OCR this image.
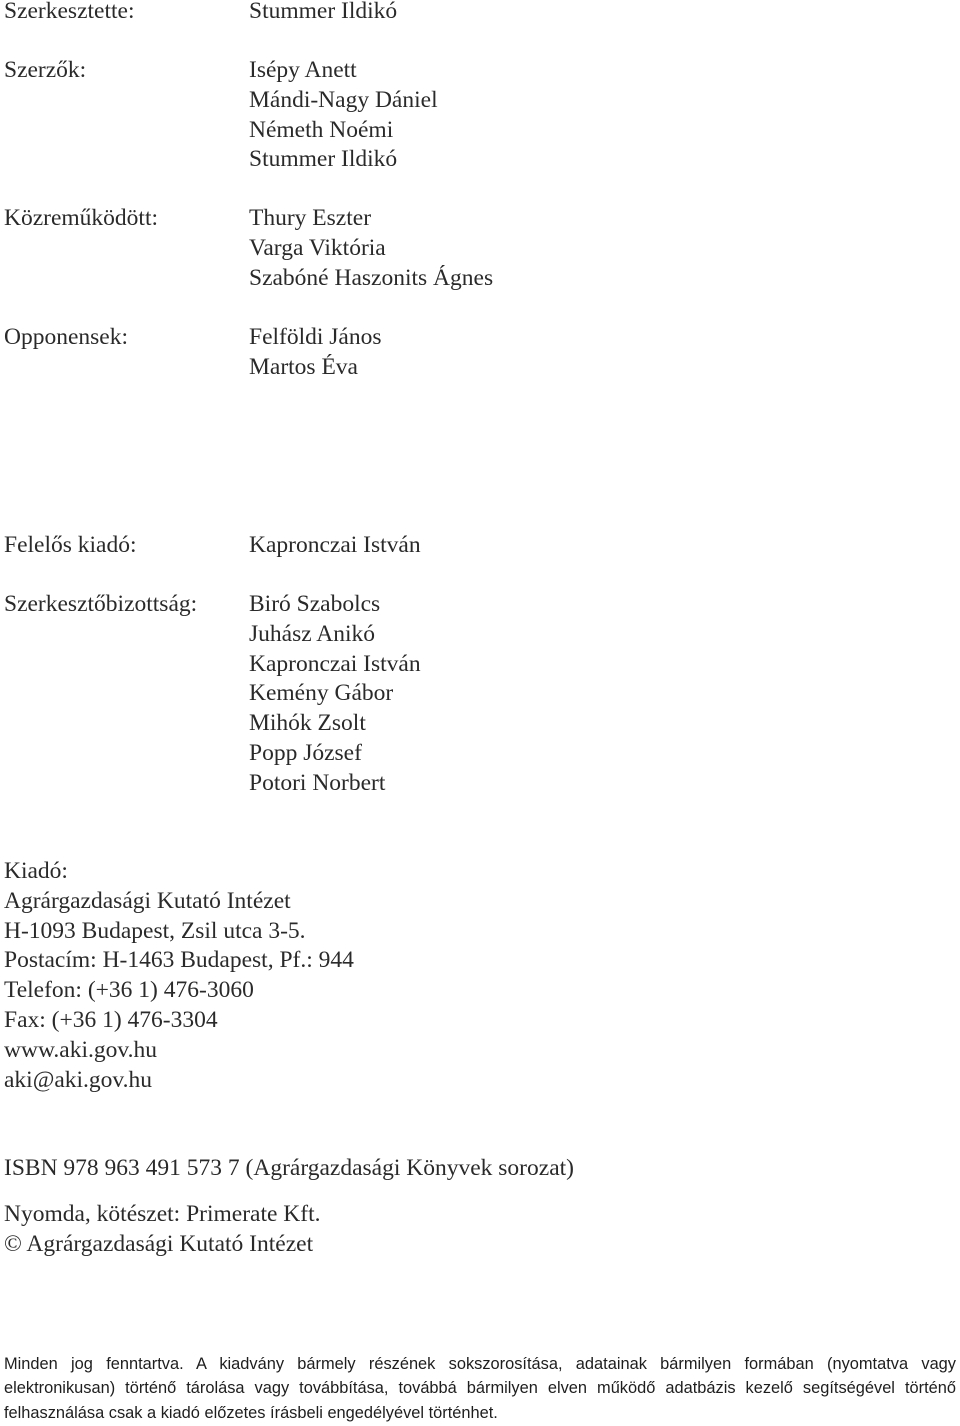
Szerkesztette:	Stummer Ildikó
Szerzők:	Isépy Anett
Mándi-Nagy Dániel
Németh Noémi
Stummer Ildikó
Közreműködött:	Thury Eszter
Varga Viktória
Szabóné Haszonits Ágnes
Opponensek:	Felföldi János
Martos Éva
Felelős kiadó:	Kapronczai István
Szerkesztőbizottság: Biró Szabolcs
Juhász Anikó
Kapronczai István
Kemény Gábor
Mihók Zsolt
Popp József
Potori Norbert
Kiadó:
Agrárgazdasági Kutató Intézet
H-1093 Budapest, Zsil utca 3-5.
Postacím: H-1463 Budapest, Pf.: 944
Telefon: (+36 1) 476-3060
Fax: (+36 1) 476-3304
www.aki.gov.hu
aki@aki.gov.hu
ISBN 978 963 491 573 7 (Agrárgazdasági Könyvek sorozat)
Nyomda, kötészet: Primerate Kft.
© Agrárgazdasági Kutató Intézet
Minden jog fenntartva. A kiadvány bármely részének sokszorosítása, adatainak bármilyen formában (nyomtatva vagy elektronikusan) történő tárolása vagy továbbítása, továbbá bármilyen elven működő adatbázis kezelő segítségével történő felhasználása csak a kiadó előzetes írásbeli engedélyével történhet.
